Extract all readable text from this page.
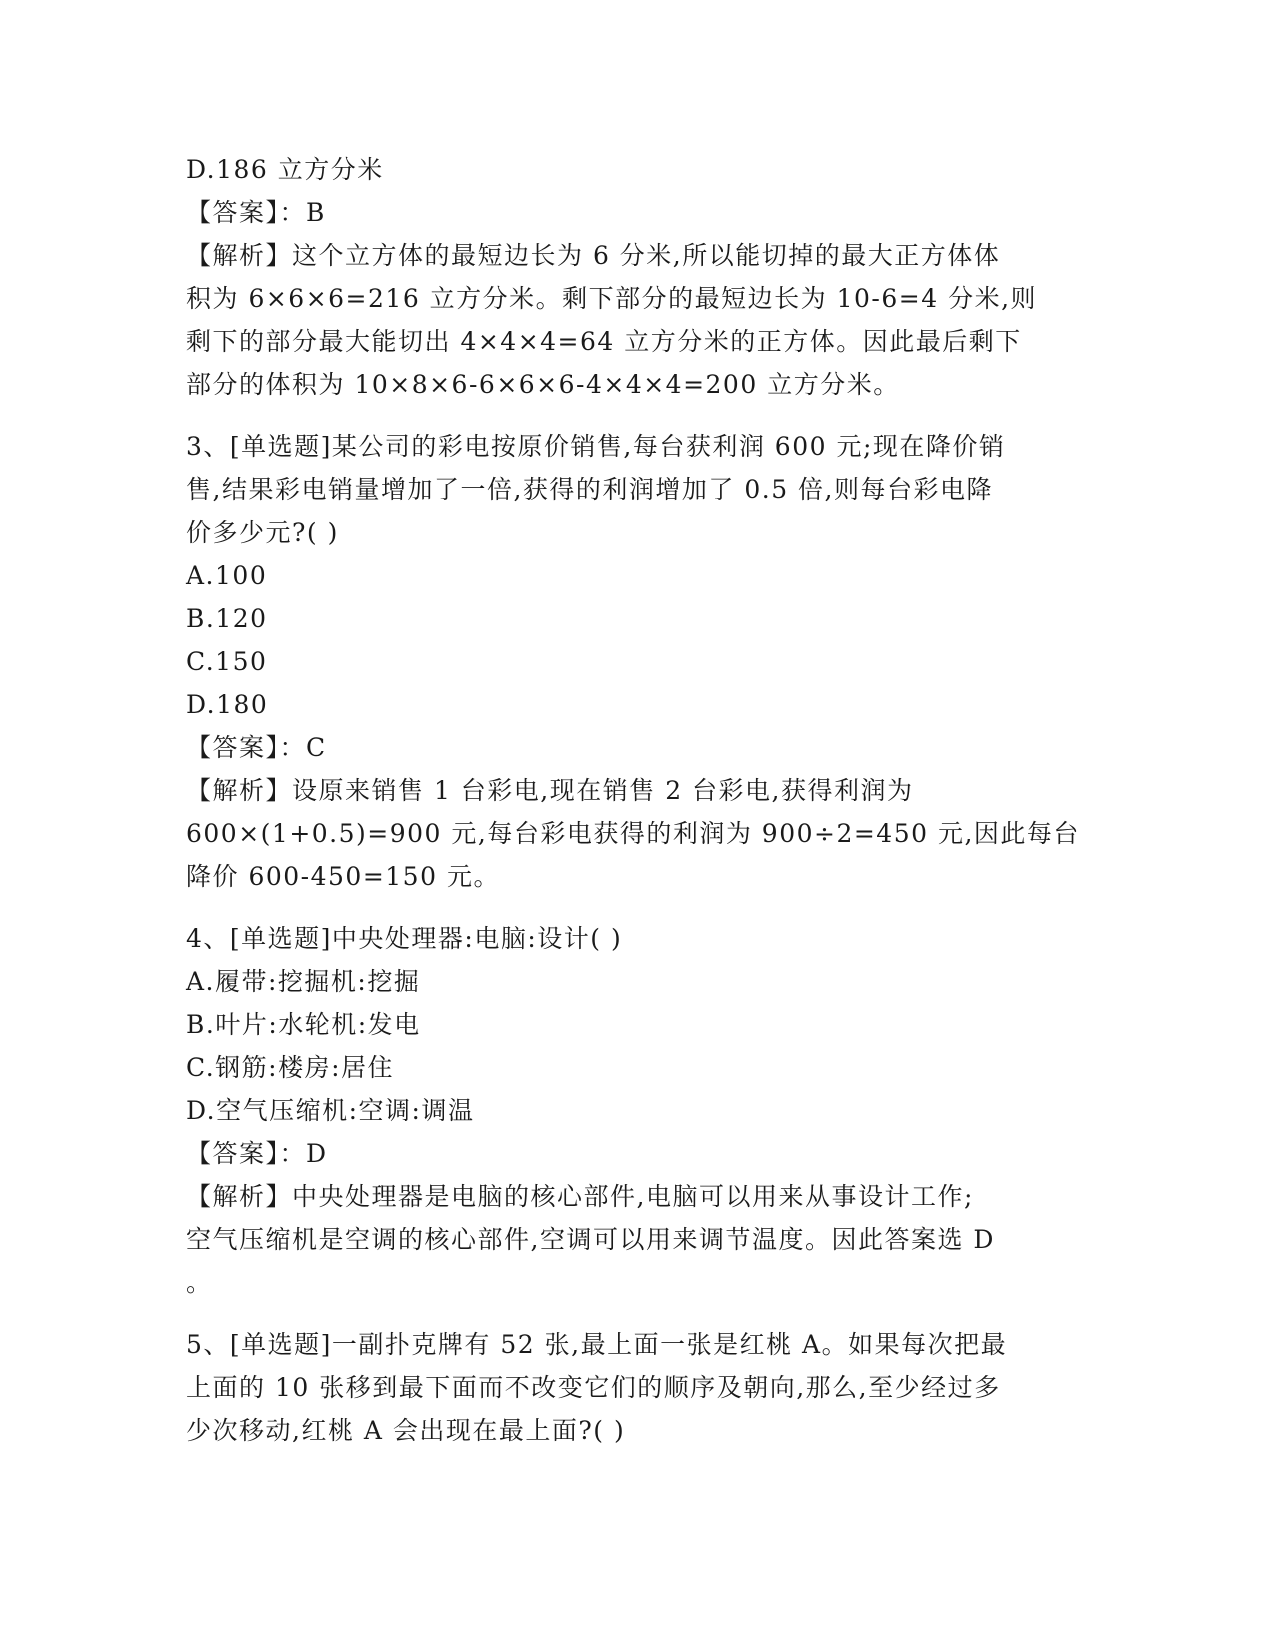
D.186 立方分米

【答案】：B

【解析】这个立方体的最短边长为 6 分米,所以能切掉的最大正方体体

积为 6×6×6=216 立方分米。剩下部分的最短边长为 10-6=4 分米,则

剩下的部分最大能切出 4×4×4=64 立方分米的正方体。因此最后剩下

部分的体积为 10×8×6-6×6×6-4×4×4=200 立方分米。

3、[单选题]某公司的彩电按原价销售,每台获利润 600 元;现在降价销

售,结果彩电销量增加了一倍,获得的利润增加了 0.5 倍,则每台彩电降

价多少元?( )

A.100

B.120

C.150

D.180

【答案】：C

【解析】设原来销售 1 台彩电,现在销售 2 台彩电,获得利润为

600×(1+0.5)=900 元,每台彩电获得的利润为 900÷2=450 元,因此每台

降价 600-450=150 元。

4、[单选题]中央处理器:电脑:设计( )

A.履带:挖掘机:挖掘

B.叶片:水轮机:发电

C.钢筋:楼房:居住

D.空气压缩机:空调:调温

【答案】：D

【解析】中央处理器是电脑的核心部件,电脑可以用来从事设计工作;

空气压缩机是空调的核心部件,空调可以用来调节温度。因此答案选 D

。

5、[单选题]一副扑克牌有 52 张,最上面一张是红桃 A。如果每次把最

上面的 10 张移到最下面而不改变它们的顺序及朝向,那么,至少经过多

少次移动,红桃 A 会出现在最上面?( )
